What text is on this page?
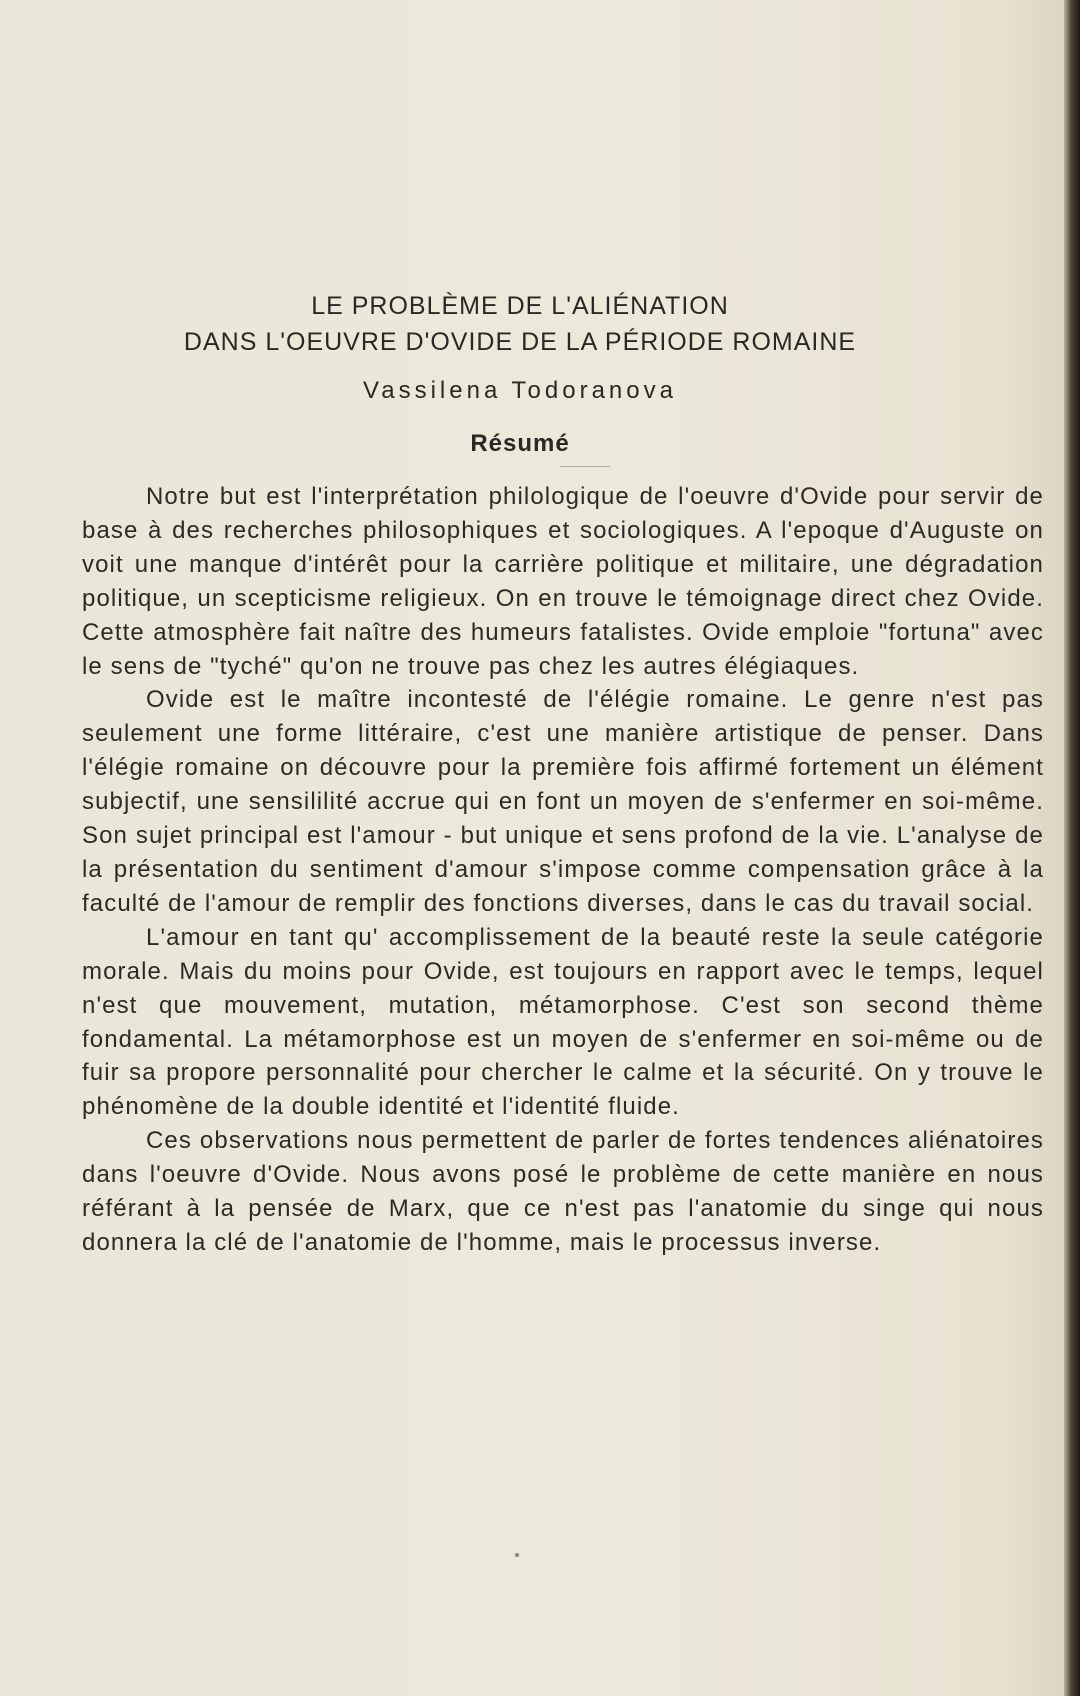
LE PROBLÈME DE L'ALIÉNATION
DANS L'OEUVRE D'OVIDE DE LA PÉRIODE ROMAINE
Vassilena Todoranova
Résumé

Notre but est l'interprétation philologique de l'oeuvre d'Ovide pour servir de base à des recherches philosophiques et sociologiques. A l'epoque d'Auguste on voit une manque d'intérêt pour la carrière politique et militaire, une dégradation politique, un scepticisme religieux. On en trouve le témoignage direct chez Ovide. Cette atmosphère fait naître des humeurs fatalistes. Ovide emploie "fortuna" avec le sens de "tyché" qu'on ne trouve pas chez les autres élégiaques.

Ovide est le maître incontesté de l'élégie romaine. Le genre n'est pas seulement une forme littéraire, c'est une manière artistique de penser. Dans l'élégie romaine on découvre pour la première fois affirmé fortement un élément subjectif, une sensililité accrue qui en font un moyen de s'enfermer en soi-même. Son sujet principal est l'amour - but unique et sens profond de la vie. L'analyse de la présentation du sentiment d'amour s'impose comme compensation grâce à la faculté de l'amour de remplir des fonctions diverses, dans le cas du travail social.

L'amour en tant qu' accomplissement de la beauté reste la seule catégorie morale. Mais du moins pour Ovide, est toujours en rapport avec le temps, lequel n'est que mouvement, mutation, métamorphose. C'est son second thème fondamental. La métamorphose est un moyen de s'enfermer en soi-même ou de fuir sa propore personnalité pour chercher le calme et la sécurité. On y trouve le phénomène de la double identité et l'identité fluide.

Ces observations nous permettent de parler de fortes tendences aliénatoires dans l'oeuvre d'Ovide. Nous avons posé le problème de cette manière en nous référant à la pensée de Marx, que ce n'est pas l'anatomie du singe qui nous donnera la clé de l'anatomie de l'homme, mais le processus inverse.
